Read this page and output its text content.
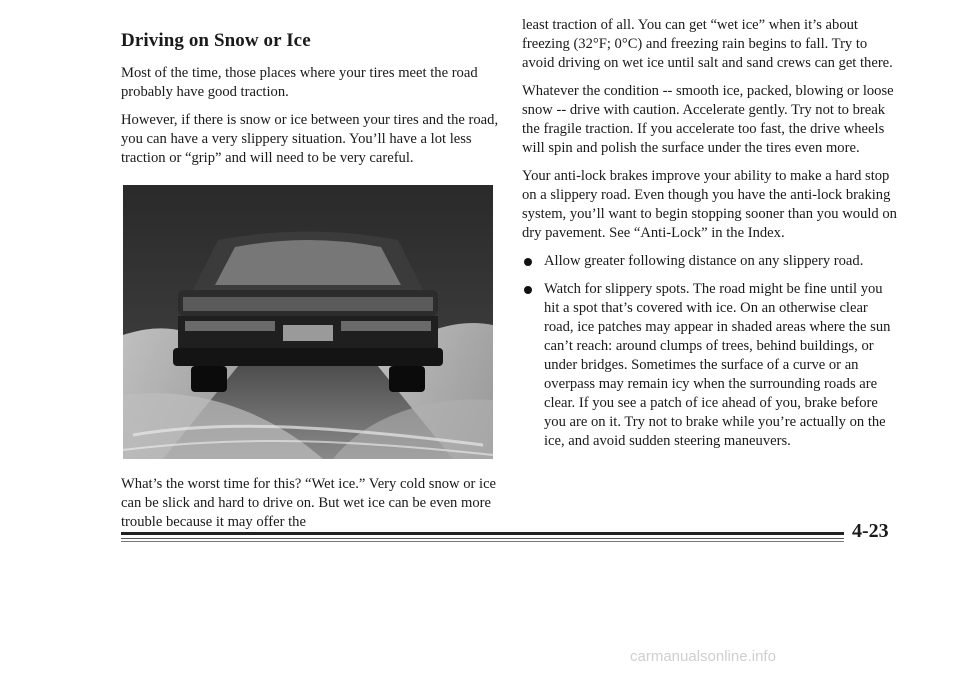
Driving on Snow or Ice

Most of the time, those places where your tires meet the road probably have good traction.

However, if there is snow or ice between your tires and the road, you can have a very slippery situation. You’ll have a lot less traction or “grip” and will need to be very careful.

What’s the worst time for this? “Wet ice.” Very cold snow or ice can be slick and hard to drive on. But wet ice can be even more trouble because it may offer the

least traction of all. You can get “wet ice” when it’s about freezing (32°F; 0°C) and freezing rain begins to fall. Try to avoid driving on wet ice until salt and sand crews can get there.

Whatever the condition -- smooth ice, packed, blowing or loose snow -- drive with caution. Accelerate gently. Try not to break the fragile traction. If you accelerate too fast, the drive wheels will spin and polish the surface under the tires even more.

Your anti-lock brakes improve your ability to make a hard stop on a slippery road. Even though you have the anti-lock braking system, you’ll want to begin stopping sooner than you would on dry pavement. See “Anti-Lock” in the Index.

Allow greater following distance on any slippery road.
Watch for slippery spots. The road might be fine until you hit a spot that’s covered with ice. On an otherwise clear road, ice patches may appear in shaded areas where the sun can’t reach: around clumps of trees, behind buildings, or under bridges. Sometimes the surface of a curve or an overpass may remain icy when the surrounding roads are clear. If you see a patch of ice ahead of you, brake before you are on it. Try not to brake while you’re actually on the ice, and avoid sudden steering maneuvers.
4-23
carmanualsonline.info
